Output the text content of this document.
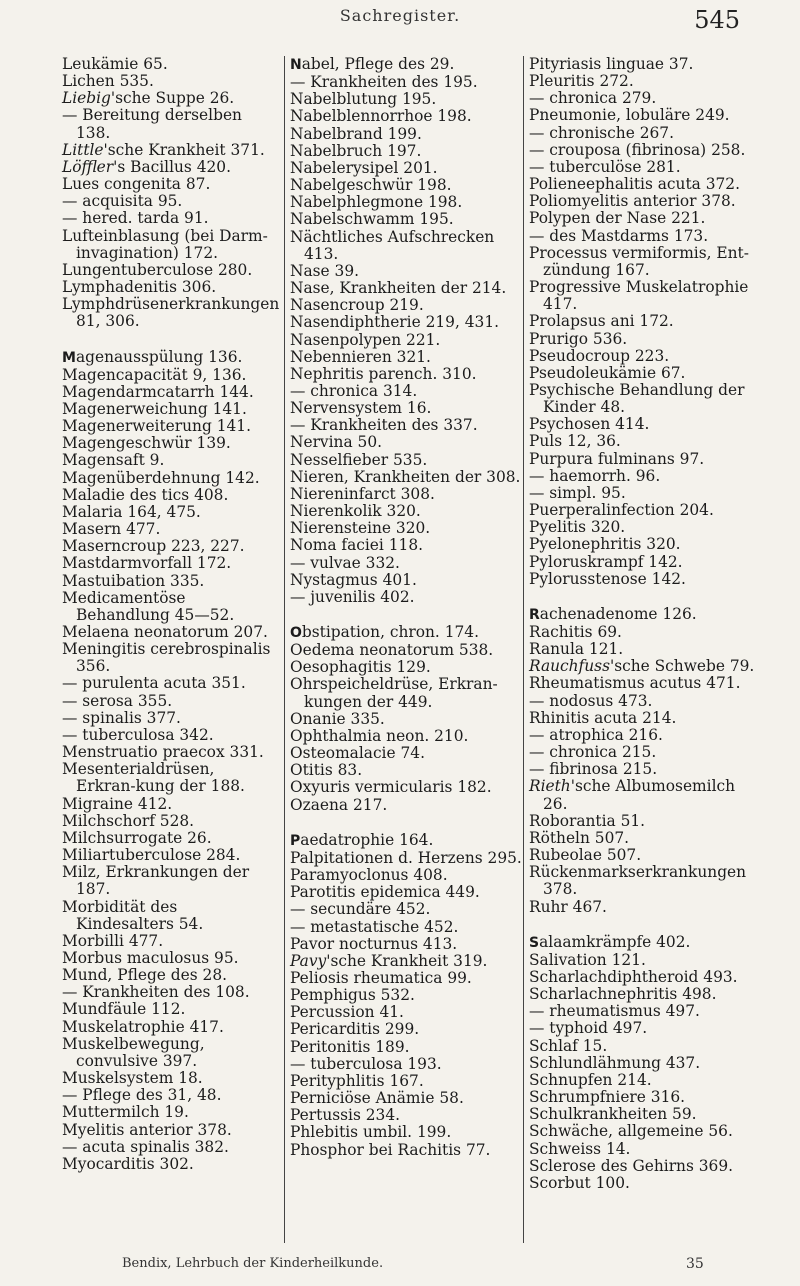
Sachregister.	545
Leukämie 65.
Lichen 535.
Liebig'sche Suppe 26.
— Bereitung derselben 138.
Little'sche Krankheit 371.
Löffler's Bacillus 420.
Lues congenita 87.
— acquisita 95.
— hered. tarda 91.
Lufteinblasung (bei Darm-invagination) 172.
Lungentuberculose 280.
Lymphadenitis 306.
Lymphdrüsenerkrankungen 81, 306.
Magenausspülung 136.
Magencapacität 9, 136.
Magendarmcatarrh 144.
Magenerweichung 141.
Magenerweiterung 141.
Magengeschwür 139.
Magensaft 9.
Magenüberdehnung 142.
Maladie des tics 408.
Malaria 164, 475.
Masern 477.
Maserncroup 223, 227.
Mastdarmvorfall 172.
Mastuibation 335.
Medicamentöse Behandlung 45—52.
Melaena neonatorum 207.
Meningitis cerebrospinalis 356.
— purulenta acuta 351.
— serosa 355.
— spinalis 377.
— tuberculosa 342.
Menstruatio praecox 331.
Mesenterialdrüsen, Erkran-kung der 188.
Migraine 412.
Milchschorf 528.
Milchsurrogate 26.
Miliartuberculose 284.
Milz, Erkrankungen der 187.
Morbidität des Kindesalters 54.
Morbilli 477.
Morbus maculosus 95.
Mund, Pflege des 28.
— Krankheiten des 108.
Mundfäule 112.
Muskelatrophie 417.
Muskelbewegung, convulsive 397.
Muskelsystem 18.
— Pflege des 31, 48.
Muttermilch 19.
Myelitis anterior 378.
— acuta spinalis 382.
Myocarditis 302.
Nabel, Pflege des 29.
— Krankheiten des 195.
Nabelblutung 195.
Nabelblennorrhoe 198.
Nabelbrand 199.
Nabelbruch 197.
Nabelerysipel 201.
Nabelgeschwür 198.
Nabelphlegmone 198.
Nabelschwamm 195.
Nächtliches Aufschrecken 413.
Nase 39.
Nase, Krankheiten der 214.
Nasencroup 219.
Nasendiphtherie 219, 431.
Nasenpolypen 221.
Nebennieren 321.
Nephritis parench. 310.
— chronica 314.
Nervensystem 16.
— Krankheiten des 337.
Nervina 50.
Nesselfieber 535.
Nieren, Krankheiten der 308.
Niereninfarct 308.
Nierenkolik 320.
Nierensteine 320.
Noma faciei 118.
— vulvae 332.
Nystagmus 401.
— juvenilis 402.
Obstipation, chron. 174.
Oedema neonatorum 538.
Oesophagitis 129.
Ohrspeicheldrüse, Erkran-kungen der 449.
Onanie 335.
Ophthalmia neon. 210.
Osteomalacie 74.
Otitis 83.
Oxyuris vermicularis 182.
Ozaena 217.
Paedatrophie 164.
Palpitationen d. Herzens 295.
Paramyoclonus 408.
Parotitis epidemica 449.
— secundäre 452.
— metastatische 452.
Pavor nocturnus 413.
Pavy'sche Krankheit 319.
Peliosis rheumatica 99.
Pemphigus 532.
Percussion 41.
Pericarditis 299.
Peritonitis 189.
— tuberculosa 193.
Perityphlitis 167.
Perniciöse Anämie 58.
Pertussis 234.
Phlebitis umbil. 199.
Phosphor bei Rachitis 77.
Pityriasis linguae 37.
Pleuritis 272.
— chronica 279.
Pneumonie, lobuläre 249.
— chronische 267.
— crouposa (fibrinosa) 258.
— tuberculöse 281.
Polieneephalitis acuta 372.
Poliomyelitis anterior 378.
Polypen der Nase 221.
— des Mastdarms 173.
Processus vermiformis, Ent-zündung 167.
Progressive Muskelatrophie 417.
Prolapsus ani 172.
Prurigo 536.
Pseudocroup 223.
Pseudoleukämie 67.
Psychische Behandlung der Kinder 48.
Psychosen 414.
Puls 12, 36.
Purpura fulminans 97.
— haemorrh. 96.
— simpl. 95.
Puerperalinfection 204.
Pyelitis 320.
Pyelonephritis 320.
Pyloruskrampf 142.
Pylorusstenose 142.
Rachenadenome 126.
Rachitis 69.
Ranula 121.
Rauchfuss'sche Schwebe 79.
Rheumatismus acutus 471.
— nodosus 473.
Rhinitis acuta 214.
— atrophica 216.
— chronica 215.
— fibrinosa 215.
Rieth'sche Albumosemilch 26.
Roborantia 51.
Rötheln 507.
Rubeolae 507.
Rückenmarkserkrankungen 378.
Ruhr 467.
Salaamkrämpfe 402.
Salivation 121.
Scharlachdiphtheroid 493.
Scharlachnephritis 498.
— rheumatismus 497.
— typhoid 497.
Schlaf 15.
Schlundlähmung 437.
Schnupfen 214.
Schrumpfniere 316.
Schulkrankheiten 59.
Schwäche, allgemeine 56.
Schweiss 14.
Sclerose des Gehirns 369.
Scorbut 100.
Bendix, Lehrbuch der Kinderheilkunde.	35
